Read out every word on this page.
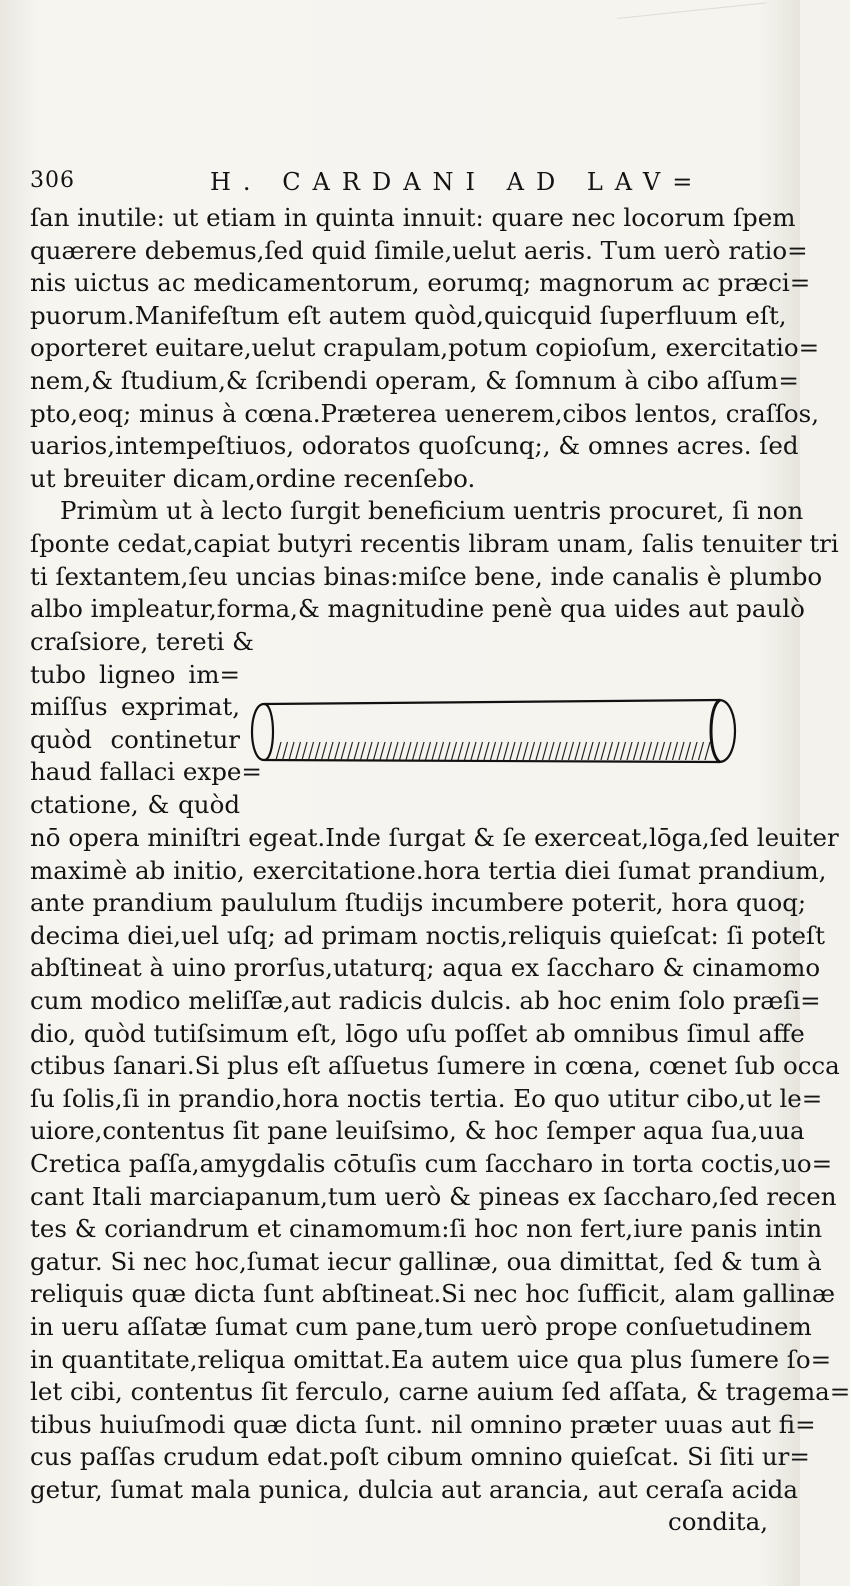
306	H. CARDANI AD LAV=
ſan inutile: ut etiam in quinta innuit: quare nec locorum ſpem
quærere debemus,ſed quid ſimile,uelut aeris. Tum uerò ratio=
nis uictus ac medicamentorum, eorumq; magnorum ac præci=
puorum.Manifeſtum eſt autem quòd,quicquid ſuperfluum eſt,
oporteret euitare,uelut crapulam,potum copioſum, exercitatio=
nem,& ſtudium,& ſcribendi operam, & ſomnum à cibo aſſum=
pto,eoq; minus à cœna.Præterea uenerem,cibos lentos, craſſos,
uarios,intempeſtiuos, odoratos quoſcunq;, & omnes acres. ſed
ut breuiter dicam,ordine recenſebo.
Primùm ut à lecto ſurgit beneficium uentris procuret, ſi non
ſponte cedat,capiat butyri recentis libram unam, ſalis tenuiter tri
ti ſextantem,ſeu uncias binas:miſce bene, inde canalis è plumbo
albo impleatur,forma,& magnitudine penè qua uides aut paulò
craſsiore, tereti &
tubo ligneo im=
miſſus exprimat,
quòd continetur
haud fallaci expe=
ctatione, & quòd
nō opera miniſtri egeat.Inde ſurgat & ſe exerceat,lōga,ſed leuiter
maximè ab initio, exercitatione.hora tertia diei ſumat prandium,
ante prandium paululum ſtudijs incumbere poterit, hora quoq;
decima diei,uel uſq; ad primam noctis,reliquis quieſcat: ſi poteſt
abſtineat à uino prorſus,utaturq; aqua ex ſaccharo & cinamomo
cum modico meliſſæ,aut radicis dulcis. ab hoc enim ſolo præſi=
dio, quòd tutiſsimum eſt, lōgo uſu poſſet ab omnibus ſimul affe
ctibus ſanari.Si plus eſt aſſuetus ſumere in cœna, cœnet ſub occa
ſu ſolis,ſi in prandio,hora noctis tertia. Eo quo utitur cibo,ut le=
uiore,contentus ſit pane leuiſsimo, & hoc ſemper aqua ſua,uua
Cretica paſſa,amygdalis cōtuſis cum ſaccharo in torta coctis,uo=
cant Itali marciapanum,tum uerò & pineas ex ſaccharo,ſed recen
tes & coriandrum et cinamomum:ſi hoc non fert,iure panis intin
gatur. Si nec hoc,ſumat iecur gallinæ, oua dimittat, ſed & tum à
reliquis quæ dicta ſunt abſtineat.Si nec hoc ſufficit, alam gallinæ
in ueru aſſatæ ſumat cum pane,tum uerò prope conſuetudinem
in quantitate,reliqua omittat.Ea autem uice qua plus ſumere ſo=
let cibi, contentus ſit ferculo, carne auium ſed aſſata, & tragema=
tibus huiuſmodi quæ dicta ſunt. nil omnino præter uuas aut fi=
cus paſſas crudum edat.poſt cibum omnino quieſcat. Si ſiti ur=
getur, ſumat mala punica, dulcia aut arancia, aut ceraſa acida
condita,
